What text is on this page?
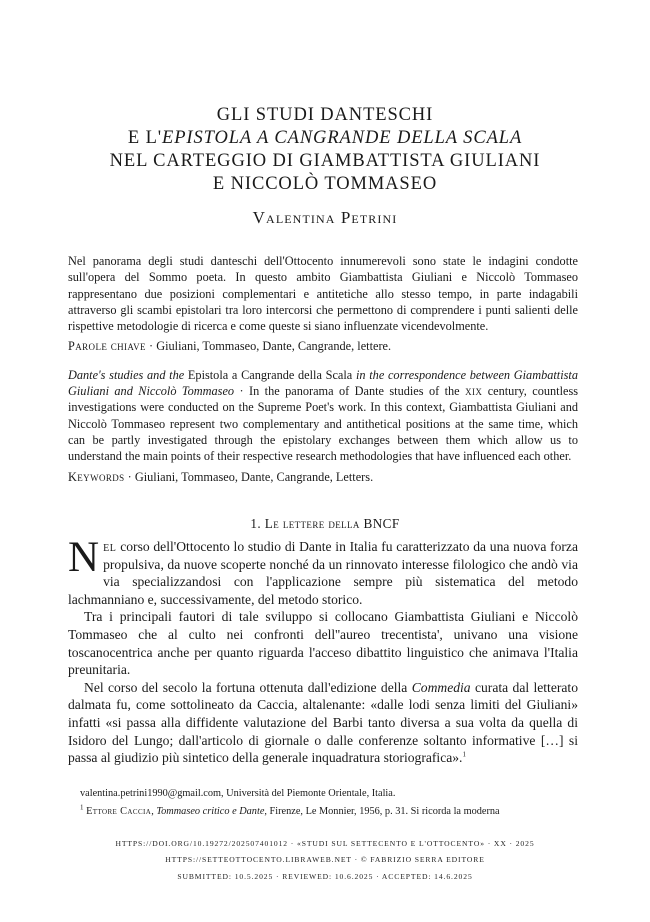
GLI STUDI DANTESCHI
E L'EPISTOLA A CANGRANDE DELLA SCALA
NEL CARTEGGIO DI GIAMBATTISTA GIULIANI
E NICCOLÒ TOMMASEO
Valentina Petrini

Nel panorama degli studi danteschi dell'Ottocento innumerevoli sono state le indagini condotte sull'opera del Sommo poeta. In questo ambito Giambattista Giuliani e Niccolò Tommaseo rappresentano due posizioni complementari e antitetiche allo stesso tempo, in parte indagabili attraverso gli scambi epistolari tra loro intercorsi che permettono di comprendere i punti salienti delle rispettive metodologie di ricerca e come queste si siano influenzate vicendevolmente.

Parole chiave · Giuliani, Tommaseo, Dante, Cangrande, lettere.

Dante's studies and the Epistola a Cangrande della Scala in the correspondence between Giambattista Giuliani and Niccolò Tommaseo · In the panorama of Dante studies of the xix century, countless investigations were conducted on the Supreme Poet's work. In this context, Giambattista Giuliani and Niccolò Tommaseo represent two complementary and antithetical positions at the same time, which can be partly investigated through the epistolary exchanges between them which allow us to understand the main points of their respective research methodologies that have influenced each other.

Keywords · Giuliani, Tommaseo, Dante, Cangrande, Letters.

1. Le lettere della BNCF

Nel corso dell'Ottocento lo studio di Dante in Italia fu caratterizzato da una nuova forza propulsiva, da nuove scoperte nonché da un rinnovato interesse filologico che andò via via specializzandosi con l'applicazione sempre più sistematica del metodo lachmanniano e, successivamente, del metodo storico.

Tra i principali fautori di tale sviluppo si collocano Giambattista Giuliani e Niccolò Tommaseo che al culto nei confronti dell''aureo trecentista', univano una visione toscanocentrica anche per quanto riguarda l'acceso dibattito linguistico che animava l'Italia preunitaria.

Nel corso del secolo la fortuna ottenuta dall'edizione della Commedia curata dal letterato dalmata fu, come sottolineato da Caccia, altalenante: «dalle lodi senza limiti del Giuliani» infatti «si passa alla diffidente valutazione del Barbi tanto diversa a sua volta da quella di Isidoro del Lungo; dall'articolo di giornale o dalle conferenze soltanto informative […] si passa al giudizio più sintetico della generale inquadratura storiografica».$^1$

valentina.petrini1990@gmail.com, Università del Piemonte Orientale, Italia.

$^1$ Ettore Caccia, Tommaseo critico e Dante, Firenze, Le Monnier, 1956, p. 31. Si ricorda la moderna

HTTPS://DOI.ORG/10.19272/202507401012 · «STUDI SUL SETTECENTO E L'OTTOCENTO» · XX · 2025
HTTPS://SETTEOTTOCENTO.LIBRAWEB.NET · © FABRIZIO SERRA EDITORE
SUBMITTED: 10.5.2025 · REVIEWED: 10.6.2025 · ACCEPTED: 14.6.2025
